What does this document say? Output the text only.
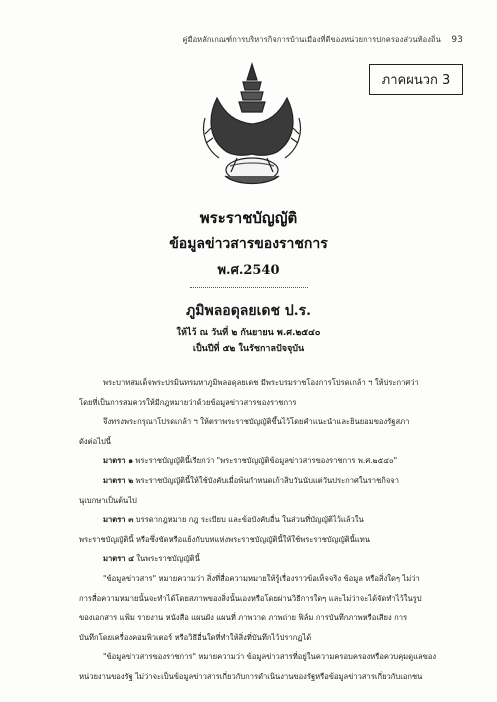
คู่มือหลักเกณฑ์การบริหารกิจการบ้านเมืองที่ดีของหน่วยการปกครองส่วนท้องถิ่น 93
ภาคผนวก 3
พระราชบัญญัติ
ข้อมูลข่าวสารของราชการ
พ.ศ.2540
ภูมิพลอดุลยเดช ป.ร.
ให้ไว้ ณ วันที่ ๒ กันยายน พ.ศ.๒๕๔๐
เป็นปีที่ ๕๒ ในรัชกาลปัจจุบัน

พระบาทสมเด็จพระปรมินทรมหาภูมิพลอดุลยเดช มีพระบรมราชโองการโปรดเกล้า ฯ ให้ประกาศว่า

โดยที่เป็นการสมควรให้มีกฎหมายว่าด้วยข้อมูลข่าวสารของราชการ

จึงทรงพระกรุณาโปรดเกล้า ฯ ให้ตราพระราชบัญญัติขึ้นไว้โดยคำแนะนำและยินยอมของรัฐสภา

ดังต่อไปนี้

มาตรา ๑ พระราชบัญญัตินี้เรียกว่า "พระราชบัญญัติข้อมูลข่าวสารของราชการ พ.ศ.๒๕๔๐"

มาตรา ๒ พระราชบัญญัตินี้ให้ใช้บังคับเมื่อพ้นกำหนดเก้าสิบวันนับแต่วันประกาศในราชกิจจา

นุเบกษาเป็นต้นไป

มาตรา ๓ บรรดากฎหมาย กฎ ระเบียบ และข้อบังคับอื่น ในส่วนที่บัญญัติไว้แล้วใน

พระราชบัญญัตินี้ หรือซึ่งขัดหรือแย้งกับบทแห่งพระราชบัญญัตินี้ให้ใช้พระราชบัญญัตินี้แทน

มาตรา ๔ ในพระราชบัญญัตินี้

"ข้อมูลข่าวสาร" หมายความว่า สิ่งที่สื่อความหมายให้รู้เรื่องราวข้อเท็จจริง ข้อมูล หรือสิ่งใดๆ ไม่ว่า

การสื่อความหมายนั้นจะทำได้โดยสภาพของสิ่งนั้นเองหรือโดยผ่านวิธีการใดๆ และไม่ว่าจะได้จัดทำไว้ในรูป

ของเอกสาร แฟ้ม รายงาน หนังสือ แผนผัง แผนที่ ภาพวาด ภาพถ่าย ฟิล์ม การบันทึกภาพหรือเสียง การ

บันทึกโดยเครื่องคอมพิวเตอร์ หรือวิธีอื่นใดที่ทำให้สิ่งที่บันทึกไว้ปรากฏได้

"ข้อมูลข่าวสารของราชการ" หมายความว่า ข้อมูลข่าวสารที่อยู่ในความครอบครองหรือควบคุมดูแลของ

หน่วยงานของรัฐ ไม่ว่าจะเป็นข้อมูลข่าวสารเกี่ยวกับการดำเนินงานของรัฐหรือข้อมูลข่าวสารเกี่ยวกับเอกชน
